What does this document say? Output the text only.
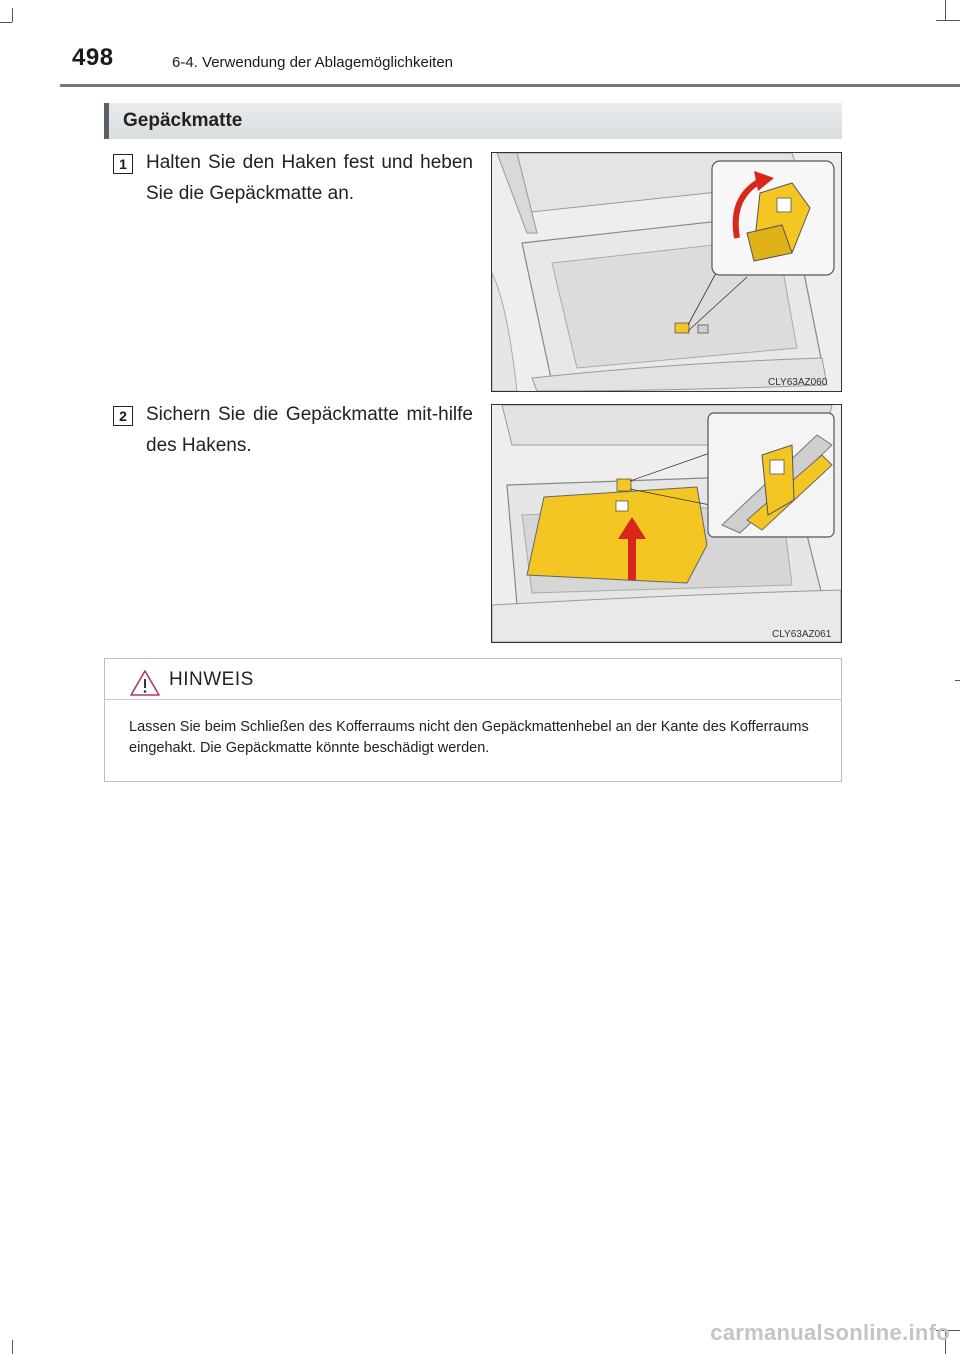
498	6-4. Verwendung der Ablagemöglichkeiten
Gepäckmatte
1	Halten Sie den Haken fest und heben Sie die Gepäckmatte an.
CLY63AZ060
2	Sichern Sie die Gepäckmatte mit-hilfe des Hakens.
CLY63AZ061
HINWEIS
Lassen Sie beim Schließen des Kofferraums nicht den Gepäckmattenhebel an der Kante des Kofferraums eingehakt. Die Gepäckmatte könnte beschädigt werden.
carmanualsonline.info
